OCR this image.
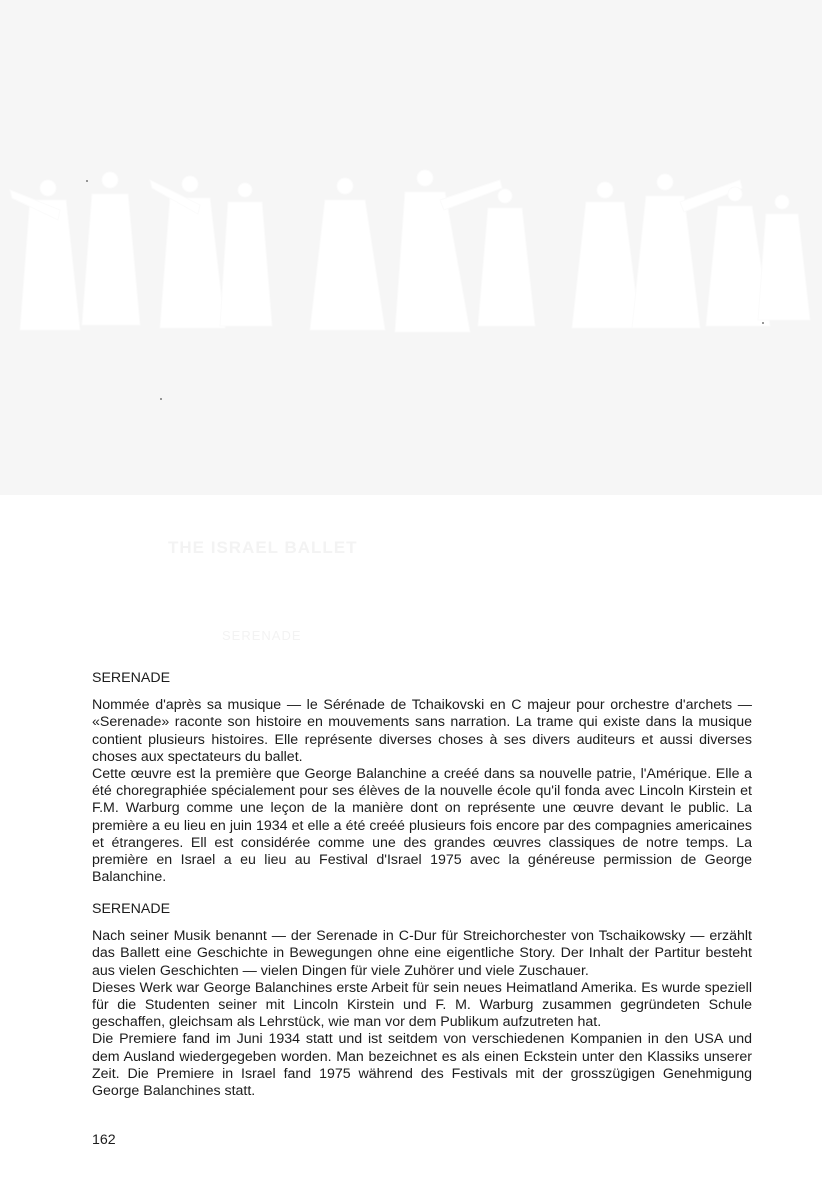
THE ISRAEL BALLET
SERENADE
SERENADE

Nommée d'après sa musique — le Sérénade de Tchaikovski en C majeur pour orchestre d'archets — «Serenade» raconte son histoire en mouvements sans narration. La trame qui existe dans la musique contient plusieurs histoires. Elle représente diverses choses à ses divers auditeurs et aussi diverses choses aux spectateurs du ballet.

Cette œuvre est la première que George Balanchine a creéé dans sa nouvelle patrie, l'Amérique. Elle a été choregraphiée spécialement pour ses élèves de la nouvelle école qu'il fonda avec Lincoln Kirstein et F.M. Warburg comme une leçon de la manière dont on représente une œuvre devant le public. La première a eu lieu en juin 1934 et elle a été creéé plusieurs fois encore par des compagnies americaines et étrangeres. Ell est considérée comme une des grandes œuvres classiques de notre temps. La première en Israel a eu lieu au Festival d'Israel 1975 avec la généreuse permission de George Balanchine.

SERENADE

Nach seiner Musik benannt — der Serenade in C-Dur für Streichorchester von Tschaikowsky — erzählt das Ballett eine Geschichte in Bewegungen ohne eine eigentliche Story. Der Inhalt der Partitur besteht aus vielen Geschichten — vielen Dingen für viele Zuhörer und viele Zuschauer.

Dieses Werk war George Balanchines erste Arbeit für sein neues Heimatland Amerika. Es wurde speziell für die Studenten seiner mit Lincoln Kirstein und F. M. Warburg zusammen gegründeten Schule geschaffen, gleichsam als Lehrstück, wie man vor dem Publikum aufzutreten hat.

Die Premiere fand im Juni 1934 statt und ist seitdem von verschiedenen Kompanien in den USA und dem Ausland wiedergegeben worden. Man bezeichnet es als einen Eckstein unter den Klassiks unserer Zeit. Die Premiere in Israel fand 1975 während des Festivals mit der grosszügigen Genehmigung George Balanchines statt.

162
